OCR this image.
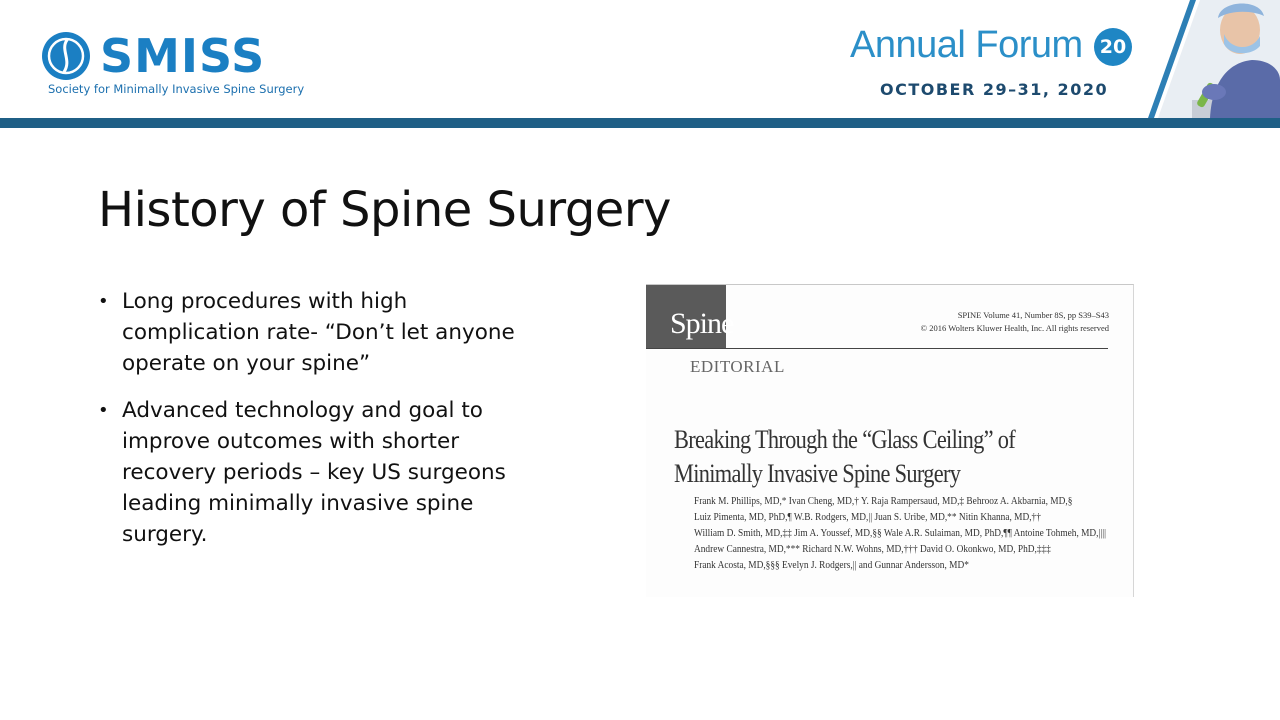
SMISS
Society for Minimally Invasive Spine Surgery
Annual Forum 20
OCTOBER 29–31, 2020
History of Spine Surgery
• Long procedures with high complication rate- “Don’t let anyone operate on your spine”
• Advanced technology and goal to improve outcomes with shorter recovery periods – key US surgeons leading minimally invasive spine surgery.
Spine	SPINE Volume 41, Number 8S, pp S39–S43
© 2016 Wolters Kluwer Health, Inc. All rights reserved
EDITORIAL
Breaking Through the “Glass Ceiling” of
Minimally Invasive Spine Surgery
Frank M. Phillips, MD,* Ivan Cheng, MD,† Y. Raja Rampersaud, MD,‡ Behrooz A. Akbarnia, MD,§
Luiz Pimenta, MD, PhD,¶ W.B. Rodgers, MD,|| Juan S. Uribe, MD,** Nitin Khanna, MD,††
William D. Smith, MD,‡‡ Jim A. Youssef, MD,§§ Wale A.R. Sulaiman, MD, PhD,¶¶ Antoine Tohmeh, MD,||||
Andrew Cannestra, MD,*** Richard N.W. Wohns, MD,††† David O. Okonkwo, MD, PhD,‡‡‡
Frank Acosta, MD,§§§ Evelyn J. Rodgers,|| and Gunnar Andersson, MD*
